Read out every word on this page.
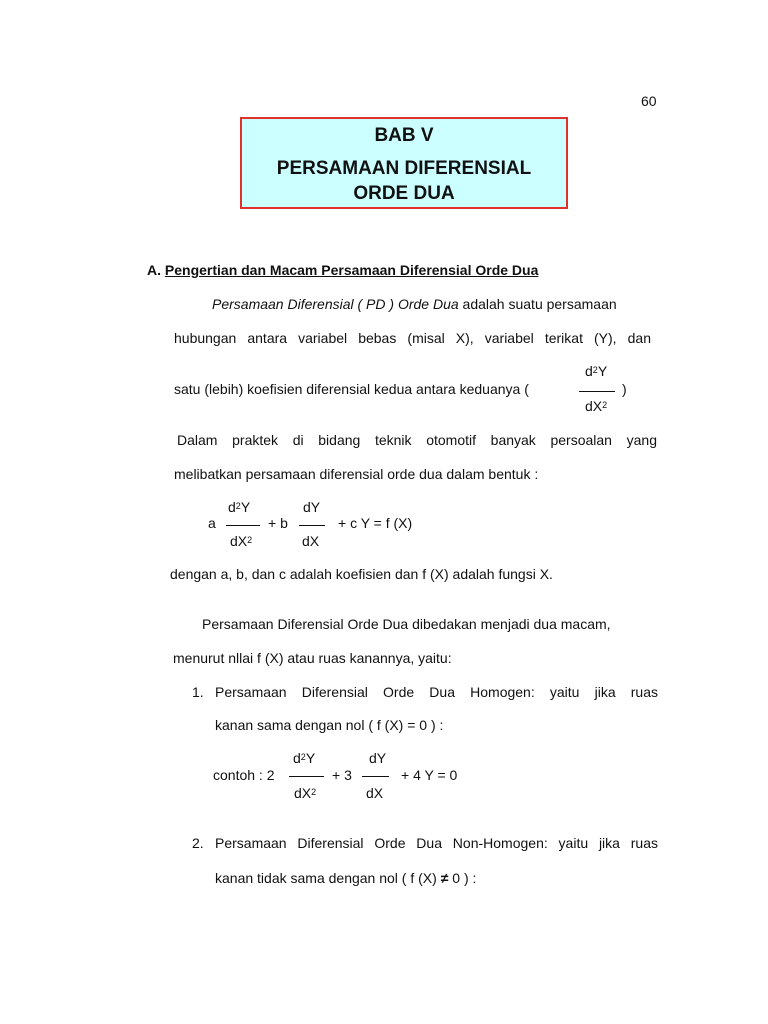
60
BAB V
PERSAMAAN DIFERENSIAL
ORDE DUA
A. Pengertian dan Macam Persamaan Diferensial Orde Dua
Persamaan Diferensial ( PD ) Orde Dua adalah suatu persamaan
hubungan antara variabel bebas (misal X), variabel terikat (Y), dan
$d^2Y$
$dX^2$
satu (lebih) koefisien diferensial kedua antara keduanya (	)
Dalam praktek di bidang teknik otomotif banyak persoalan yang
melibatkan persamaan diferensial orde dua dalam bentuk :
a
$d^2Y$
$dX^2$
+ b
dY
dX
+ c Y = f (X)
dengan a, b, dan c adalah koefisien dan f (X) adalah fungsi X.
Persamaan Diferensial Orde Dua dibedakan menjadi dua macam,
menurut nllai f (X) atau ruas kanannya, yaitu:
1. Persamaan Diferensial Orde Dua Homogen: yaitu jika ruas
kanan sama dengan nol ( f (X) = 0 ) :
contoh : 2
$d^2Y$
$dX^2$
+ 3
dY
dX
+ 4 Y = 0
2. Persamaan Diferensial Orde Dua Non-Homogen: yaitu jika ruas
kanan tidak sama dengan nol ( f (X) ≠ 0 ) :
